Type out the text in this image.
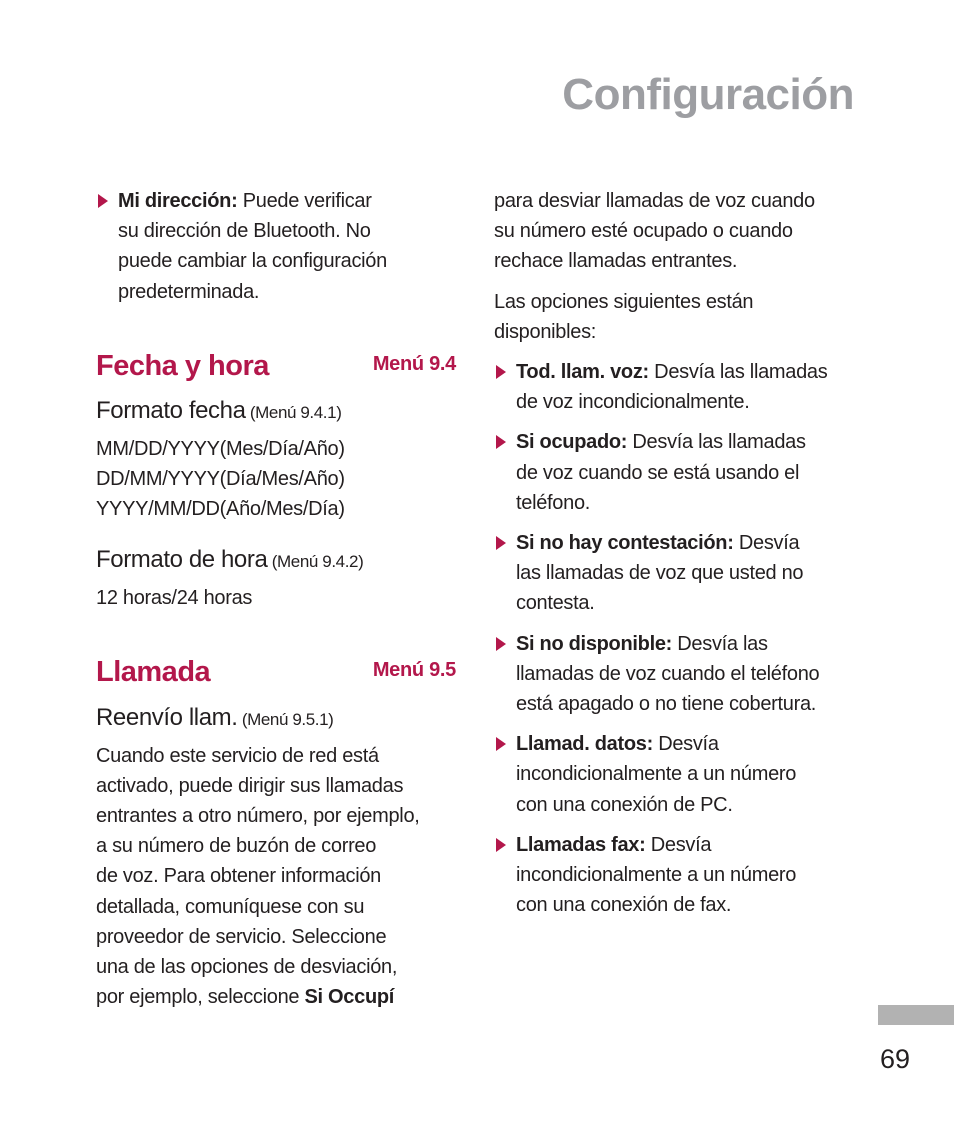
Configuración
Mi dirección: Puede verificar
su dirección de Bluetooth. No
puede cambiar la configuración
predeterminada.
Fecha y hora	Menú 9.4
Formato fecha (Menú 9.4.1)

MM/DD/YYYY(Mes/Día/Año)
DD/MM/YYYY(Día/Mes/Año)
YYYY/MM/DD(Año/Mes/Día)

Formato de hora (Menú 9.4.2)

12 horas/24 horas

Llamada	Menú 9.5
Reenvío llam. (Menú 9.5.1)

Cuando este servicio de red está
activado, puede dirigir sus llamadas
entrantes a otro número, por ejemplo,
a su número de buzón de correo
de voz. Para obtener información
detallada, comuníquese con su
proveedor de servicio. Seleccione
una de las opciones de desviación,
por ejemplo, seleccione Si Occupí

para desviar llamadas de voz cuando
su número esté ocupado o cuando
rechace llamadas entrantes.

Las opciones siguientes están
disponibles:

Tod. llam. voz: Desvía las llamadas
de voz incondicionalmente.
Si ocupado: Desvía las llamadas
de voz cuando se está usando el
teléfono.
Si no hay contestación: Desvía
las llamadas de voz que usted no
contesta.
Si no disponible: Desvía las
llamadas de voz cuando el teléfono
está apagado o no tiene cobertura.
Llamad. datos: Desvía
incondicionalmente a un número
con una conexión de PC.
Llamadas fax: Desvía
incondicionalmente a un número
con una conexión de fax.
69
